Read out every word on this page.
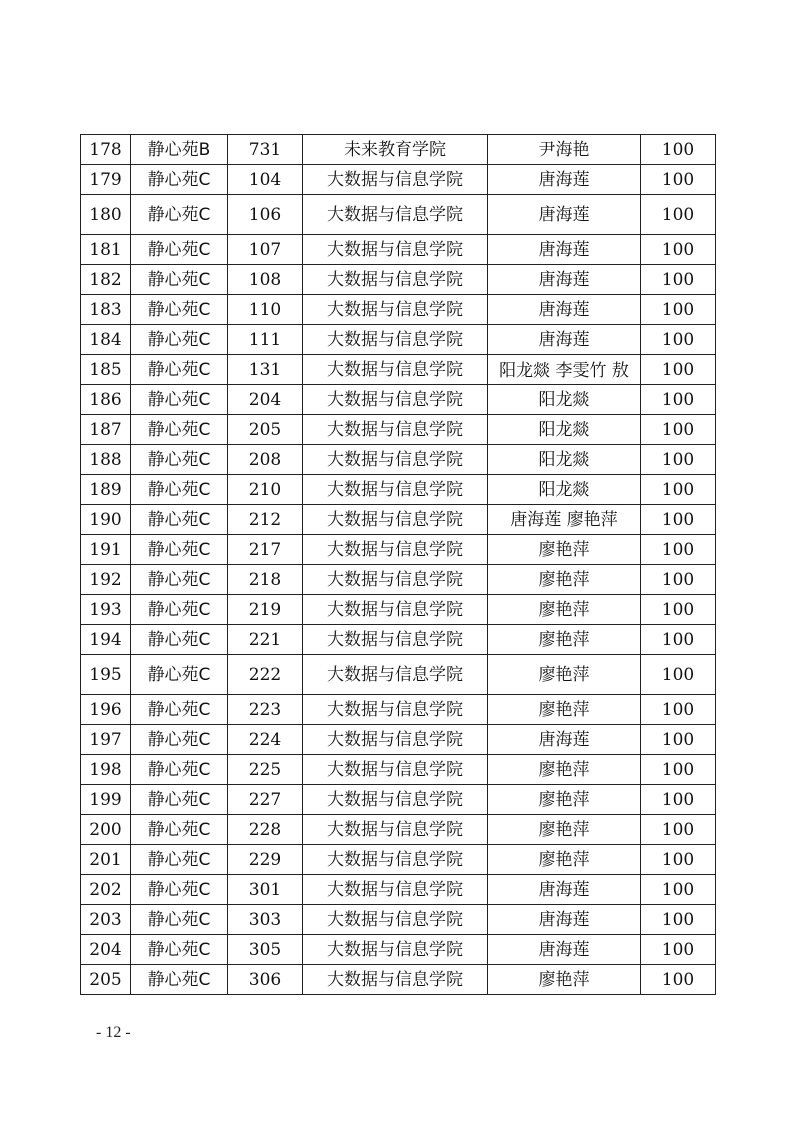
178	静心苑B	731	未来教育学院	尹海艳	100
179	静心苑C	104	大数据与信息学院	唐海莲	100
180	静心苑C	106	大数据与信息学院	唐海莲	100
181	静心苑C	107	大数据与信息学院	唐海莲	100
182	静心苑C	108	大数据与信息学院	唐海莲	100
183	静心苑C	110	大数据与信息学院	唐海莲	100
184	静心苑C	111	大数据与信息学院	唐海莲	100
185	静心苑C	131	大数据与信息学院	阳龙燚 李雯竹 敖	100
186	静心苑C	204	大数据与信息学院	阳龙燚	100
187	静心苑C	205	大数据与信息学院	阳龙燚	100
188	静心苑C	208	大数据与信息学院	阳龙燚	100
189	静心苑C	210	大数据与信息学院	阳龙燚	100
190	静心苑C	212	大数据与信息学院	唐海莲 廖艳萍	100
191	静心苑C	217	大数据与信息学院	廖艳萍	100
192	静心苑C	218	大数据与信息学院	廖艳萍	100
193	静心苑C	219	大数据与信息学院	廖艳萍	100
194	静心苑C	221	大数据与信息学院	廖艳萍	100
195	静心苑C	222	大数据与信息学院	廖艳萍	100
196	静心苑C	223	大数据与信息学院	廖艳萍	100
197	静心苑C	224	大数据与信息学院	唐海莲	100
198	静心苑C	225	大数据与信息学院	廖艳萍	100
199	静心苑C	227	大数据与信息学院	廖艳萍	100
200	静心苑C	228	大数据与信息学院	廖艳萍	100
201	静心苑C	229	大数据与信息学院	廖艳萍	100
202	静心苑C	301	大数据与信息学院	唐海莲	100
203	静心苑C	303	大数据与信息学院	唐海莲	100
204	静心苑C	305	大数据与信息学院	唐海莲	100
205	静心苑C	306	大数据与信息学院	廖艳萍	100
- 12 -
